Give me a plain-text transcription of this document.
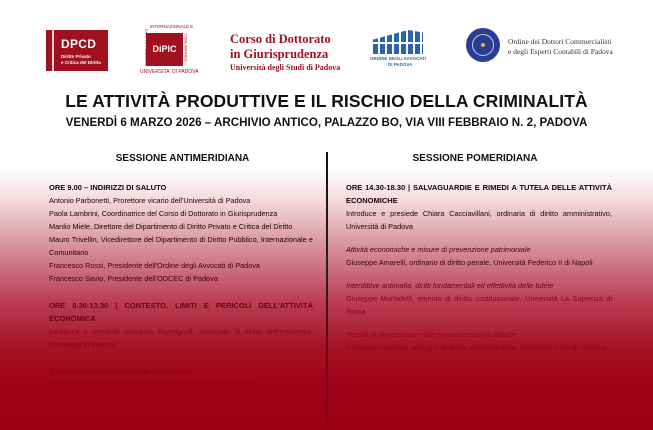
DPCD
Diritto Privato
e Critica del Diritto
INTERNAZIONALE E
COMUNITARIO
DiPIC
UNIVERSITA' DI PADOVA
Corso di Dottorato
in Giurisprudenza
Università degli Studi di Padova
ORDINE DEGLI AVVOCATI
DI PADOVA
Ordine dei Dottori Commercialisti
e degli Esperti Contabili di Padova
LE ATTIVITÀ PRODUTTIVE E IL RISCHIO DELLA CRIMINALITÀ
VENERDÌ 6 MARZO 2026 – ARCHIVIO ANTICO, PALAZZO BO, VIA VIII FEBBRAIO N. 2, PADOVA
SESSIONE ANTIMERIDIANA	SESSIONE POMERIDIANA
ORE 9.00 – INDIRIZZI DI SALUTO
Antonio Parbonetti, Prorettore vicario dell'Università di Padova
Paola Lambrini, Coordinatrice del Corso di Dottorato in Giurisprudenza
Manlio Miele, Direttore del Dipartimento di Diritto Privato e Critica del Diritto
Mauro Trivellin, Vicedirettore del Dipartimento di Diritto Pubblico, Internazionale e Comunitario
Francesco Rossi, Presidente dell'Ordine degli Avvocati di Padova
Francesco Savio, Presidente dell'ODCEC di Padova
ORE 9.30-13.30 | CONTESTO, LIMITI E PERICOLI DELL'ATTIVITÀ ECONOMICA
Introduce e presiede Gianluca Romagnoli, associato di diritto dell'economia, Università di Padova
Il fenomeno della criminalità economica
Enrico Mezzetti, ordinario di diritto penale, Università Roma Tre
ORE 14.30-18.30 | SALVAGUARDIE E RIMEDI A TUTELA DELLE ATTIVITÀ ECONOMICHE
Introduce e presiede Chiara Cacciavillani, ordinaria di diritto amministrativo, Università di Padova
Attività economiche e misure di prevenzione patrimoniale
Giuseppe Amarelli, ordinario di diritto penale, Università Federico II di Napoli
Interdittive antimafia, diritti fondamentali ed effettività delle tutele
Giuseppe Morbidelli, emerito di diritto costituzionale, Università La Sapienza di Roma
Presidi di prevenzione nelle organizzazioni pubbliche
Giuseppe Piperata, ordinario di diritto amministrativo, Università IUAV di Venezia
